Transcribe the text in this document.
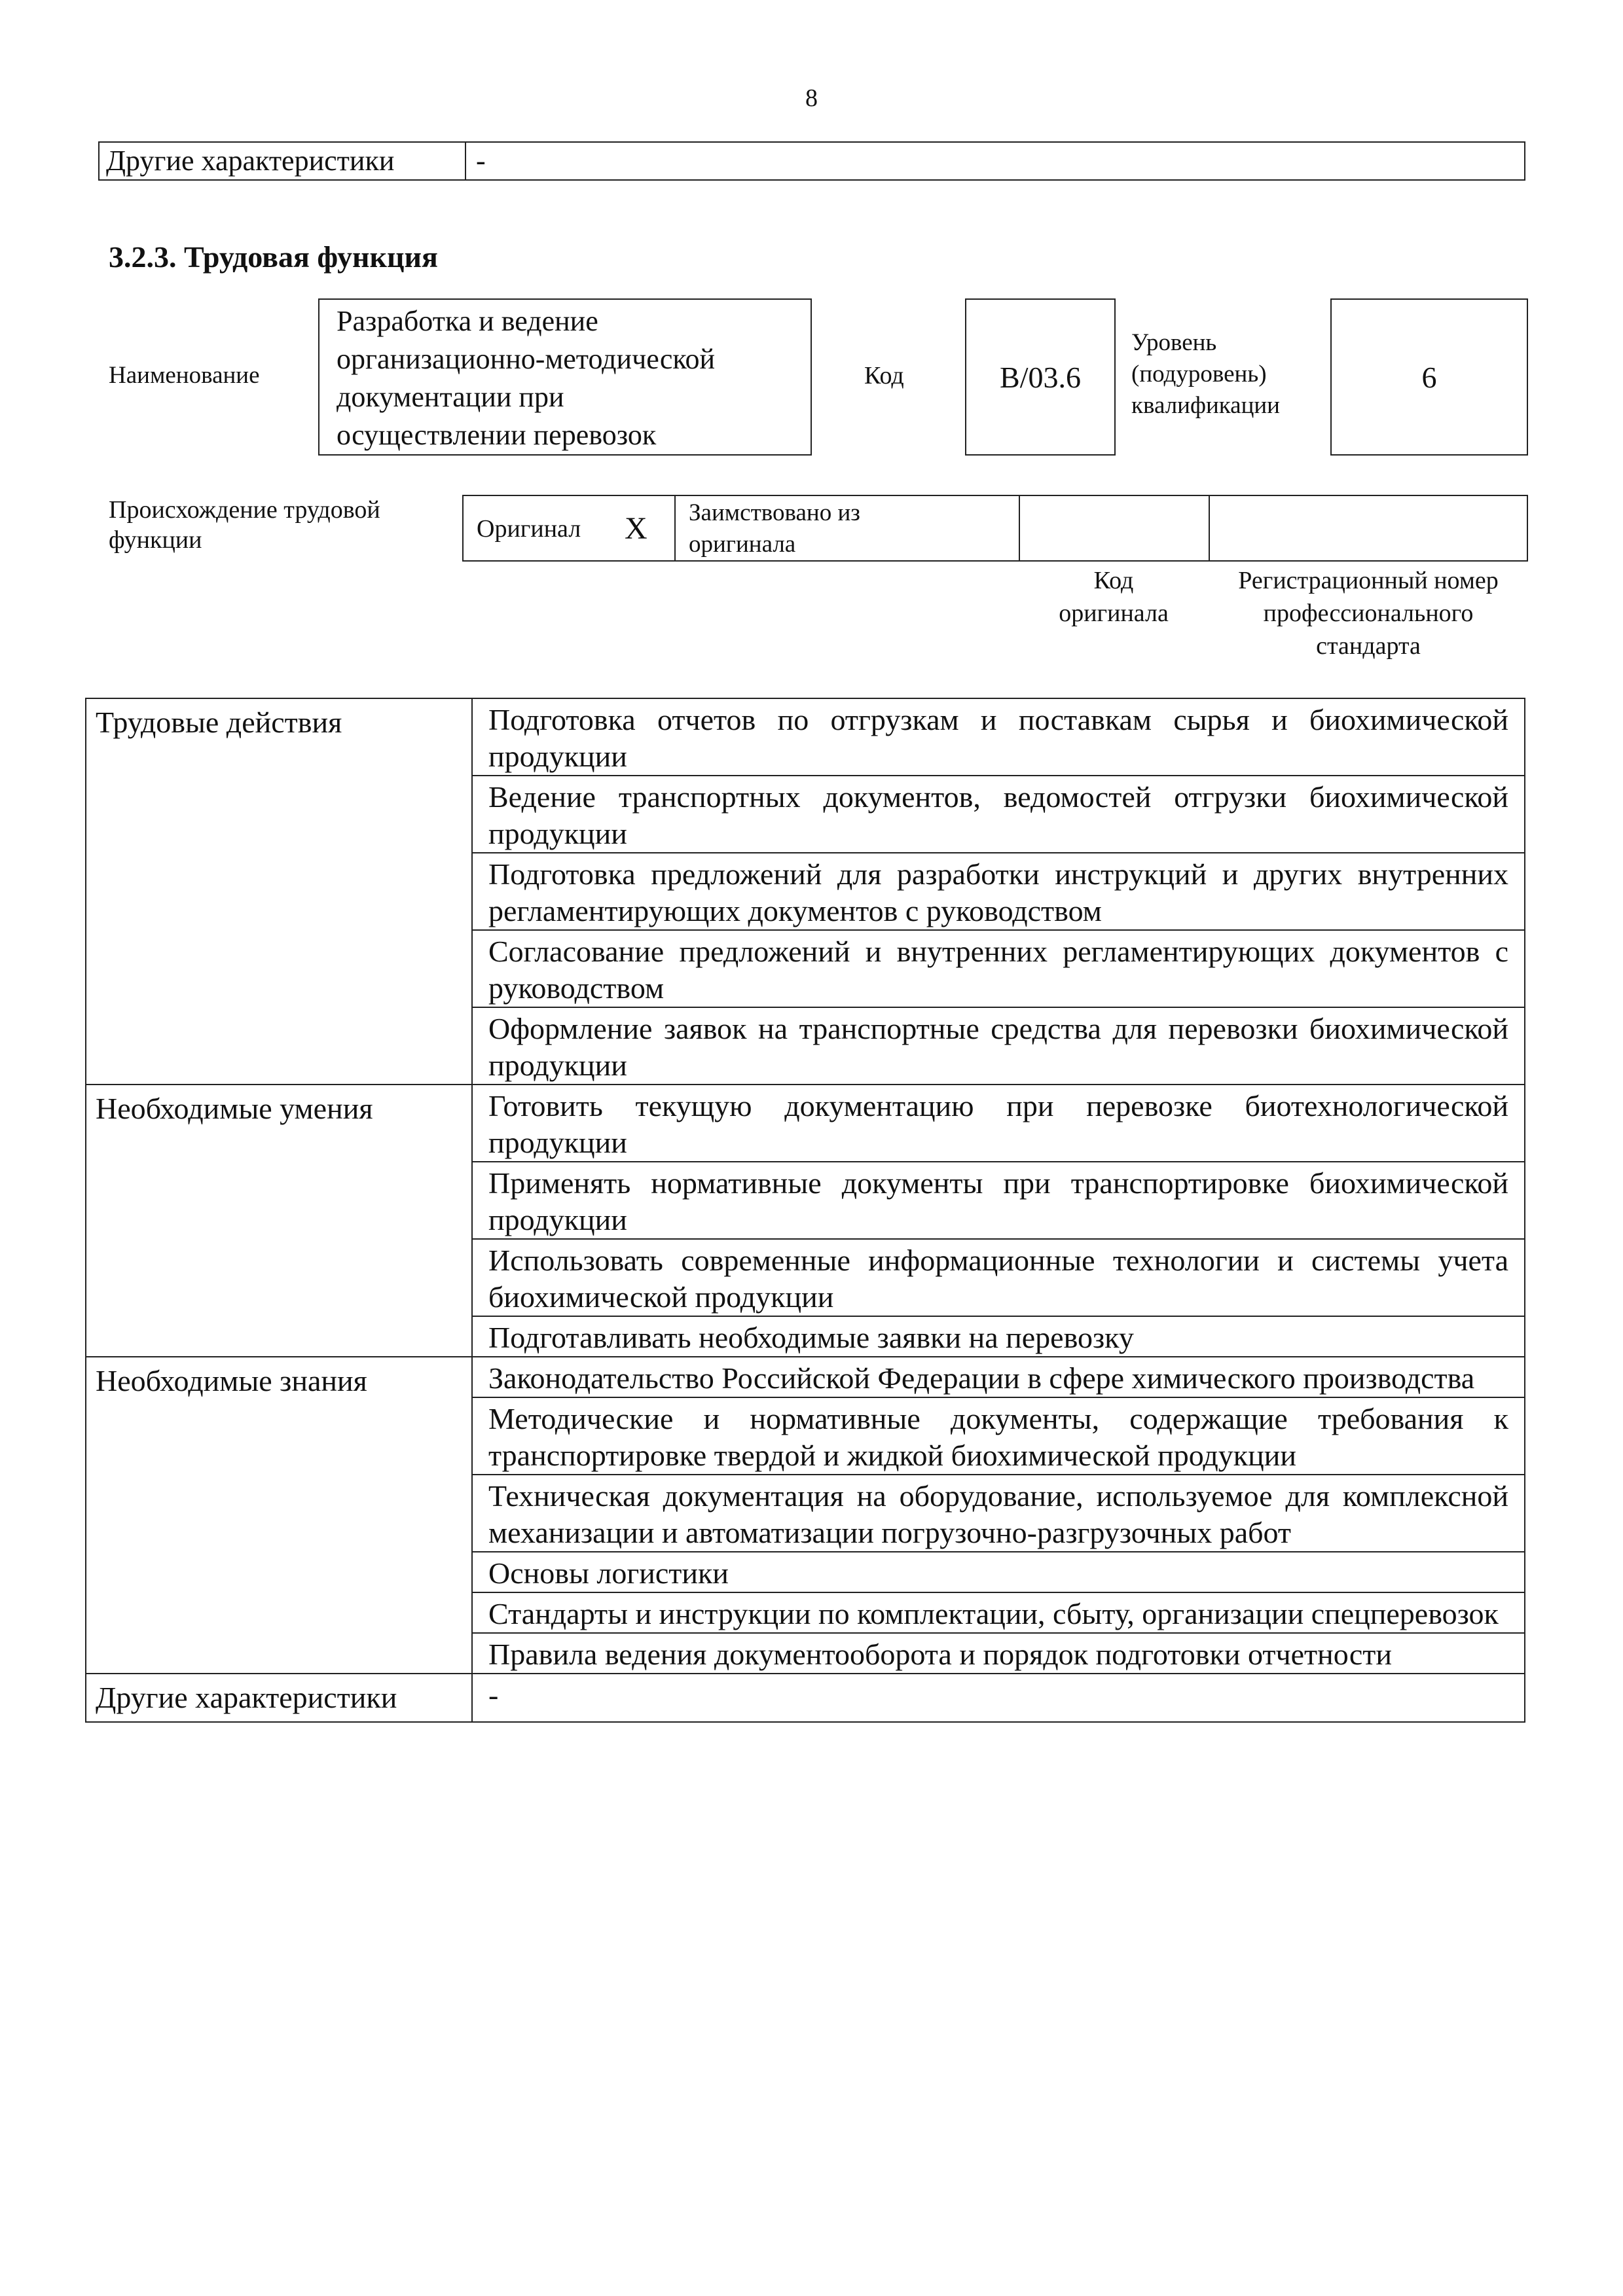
8
Другие характеристики	-
3.2.3. Трудовая функция
Наименование
Разработка и ведение
организационно-методической
документации при
осуществлении перевозок
Код	B/03.6
Уровень
(подуровень)
квалификации
6
Происхождение трудовой
функции	Оригинал X Заимствовано из
оригинала
Код
оригинала
Регистрационный номер
профессионального
стандарта
Трудовые действия	Подготовка отчетов по отгрузкам и поставкам сырья и биохимической продукции
	Ведение транспортных документов, ведомостей отгрузки биохимической продукции
	Подготовка предложений для разработки инструкций и других внутренних регламентирующих документов с руководством
	Согласование предложений и внутренних регламентирующих документов с руководством
	Оформление заявок на транспортные средства для перевозки биохимической продукции
Необходимые умения	Готовить текущую документацию при перевозке биотехнологической продукции
	Применять нормативные документы при транспортировке биохимической продукции
	Использовать современные информационные технологии и системы учета биохимической продукции
	Подготавливать необходимые заявки на перевозку
Необходимые знания	Законодательство Российской Федерации в сфере химического производства
	Методические и нормативные документы, содержащие требования к транспортировке твердой и жидкой биохимической продукции
	Техническая документация на оборудование, используемое для комплексной механизации и автоматизации погрузочно-разгрузочных работ
	Основы логистики
	Стандарты и инструкции по комплектации, сбыту, организации спецперевозок
	Правила ведения документооборота и порядок подготовки отчетности
Другие характеристики	-
